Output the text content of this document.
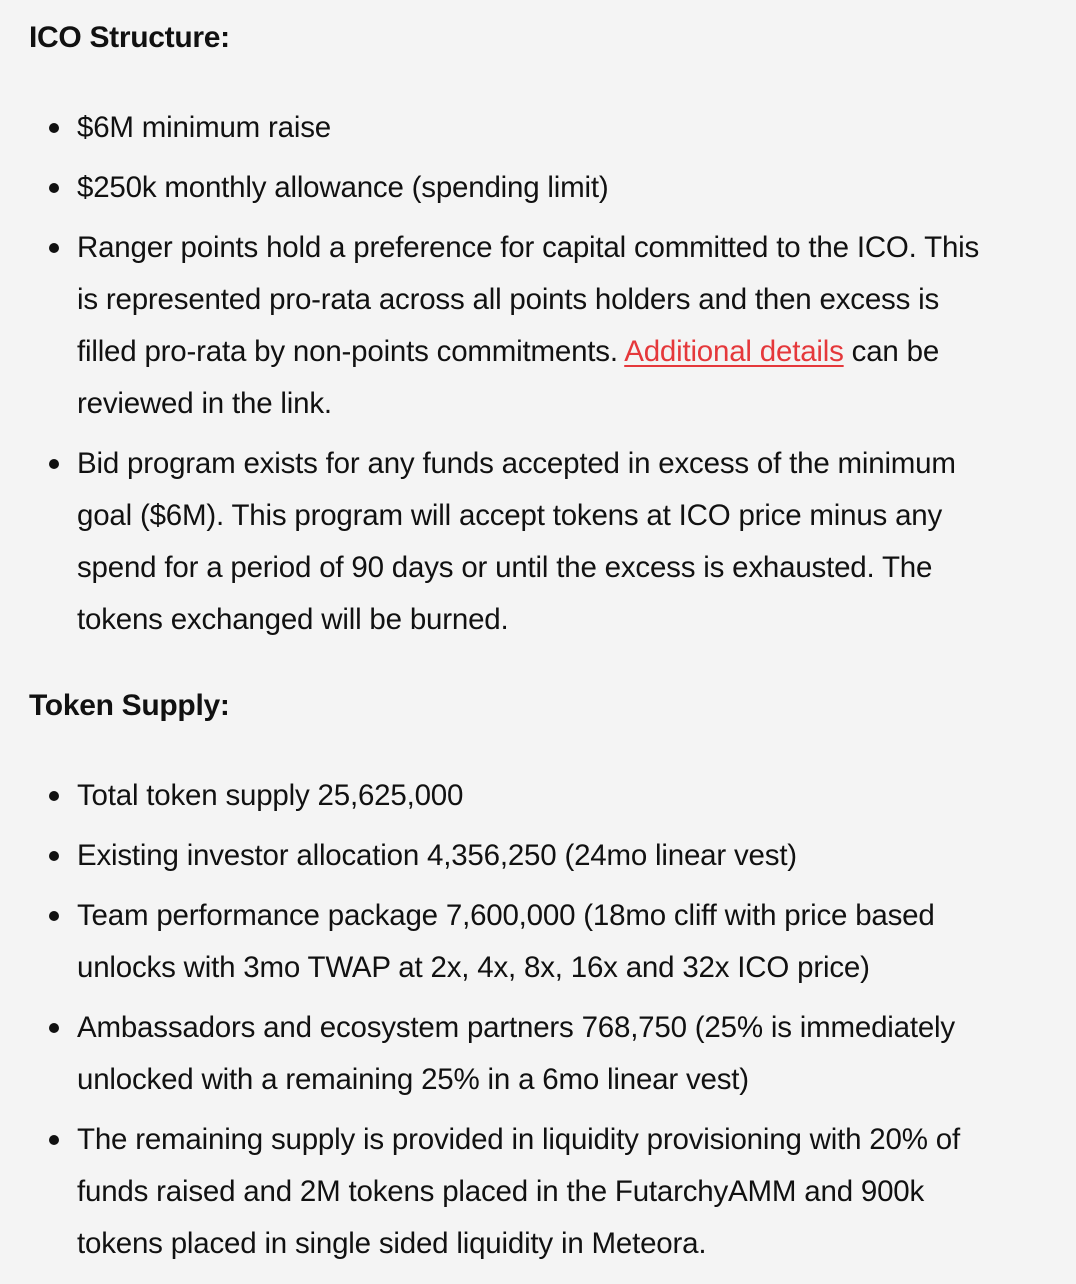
ICO Structure:
$6M minimum raise
$250k monthly allowance (spending limit)
Ranger points hold a preference for capital committed to the ICO. This
is represented pro-rata across all points holders and then excess is
filled pro-rata by non-points commitments. Additional details can be
reviewed in the link.
Bid program exists for any funds accepted in excess of the minimum
goal ($6M). This program will accept tokens at ICO price minus any
spend for a period of 90 days or until the excess is exhausted. The
tokens exchanged will be burned.
Token Supply:
Total token supply 25,625,000
Existing investor allocation 4,356,250 (24mo linear vest)
Team performance package 7,600,000 (18mo cliff with price based
unlocks with 3mo TWAP at 2x, 4x, 8x, 16x and 32x ICO price)
Ambassadors and ecosystem partners 768,750 (25% is immediately
unlocked with a remaining 25% in a 6mo linear vest)
The remaining supply is provided in liquidity provisioning with 20% of
funds raised and 2M tokens placed in the FutarchyAMM and 900k
tokens placed in single sided liquidity in Meteora.
